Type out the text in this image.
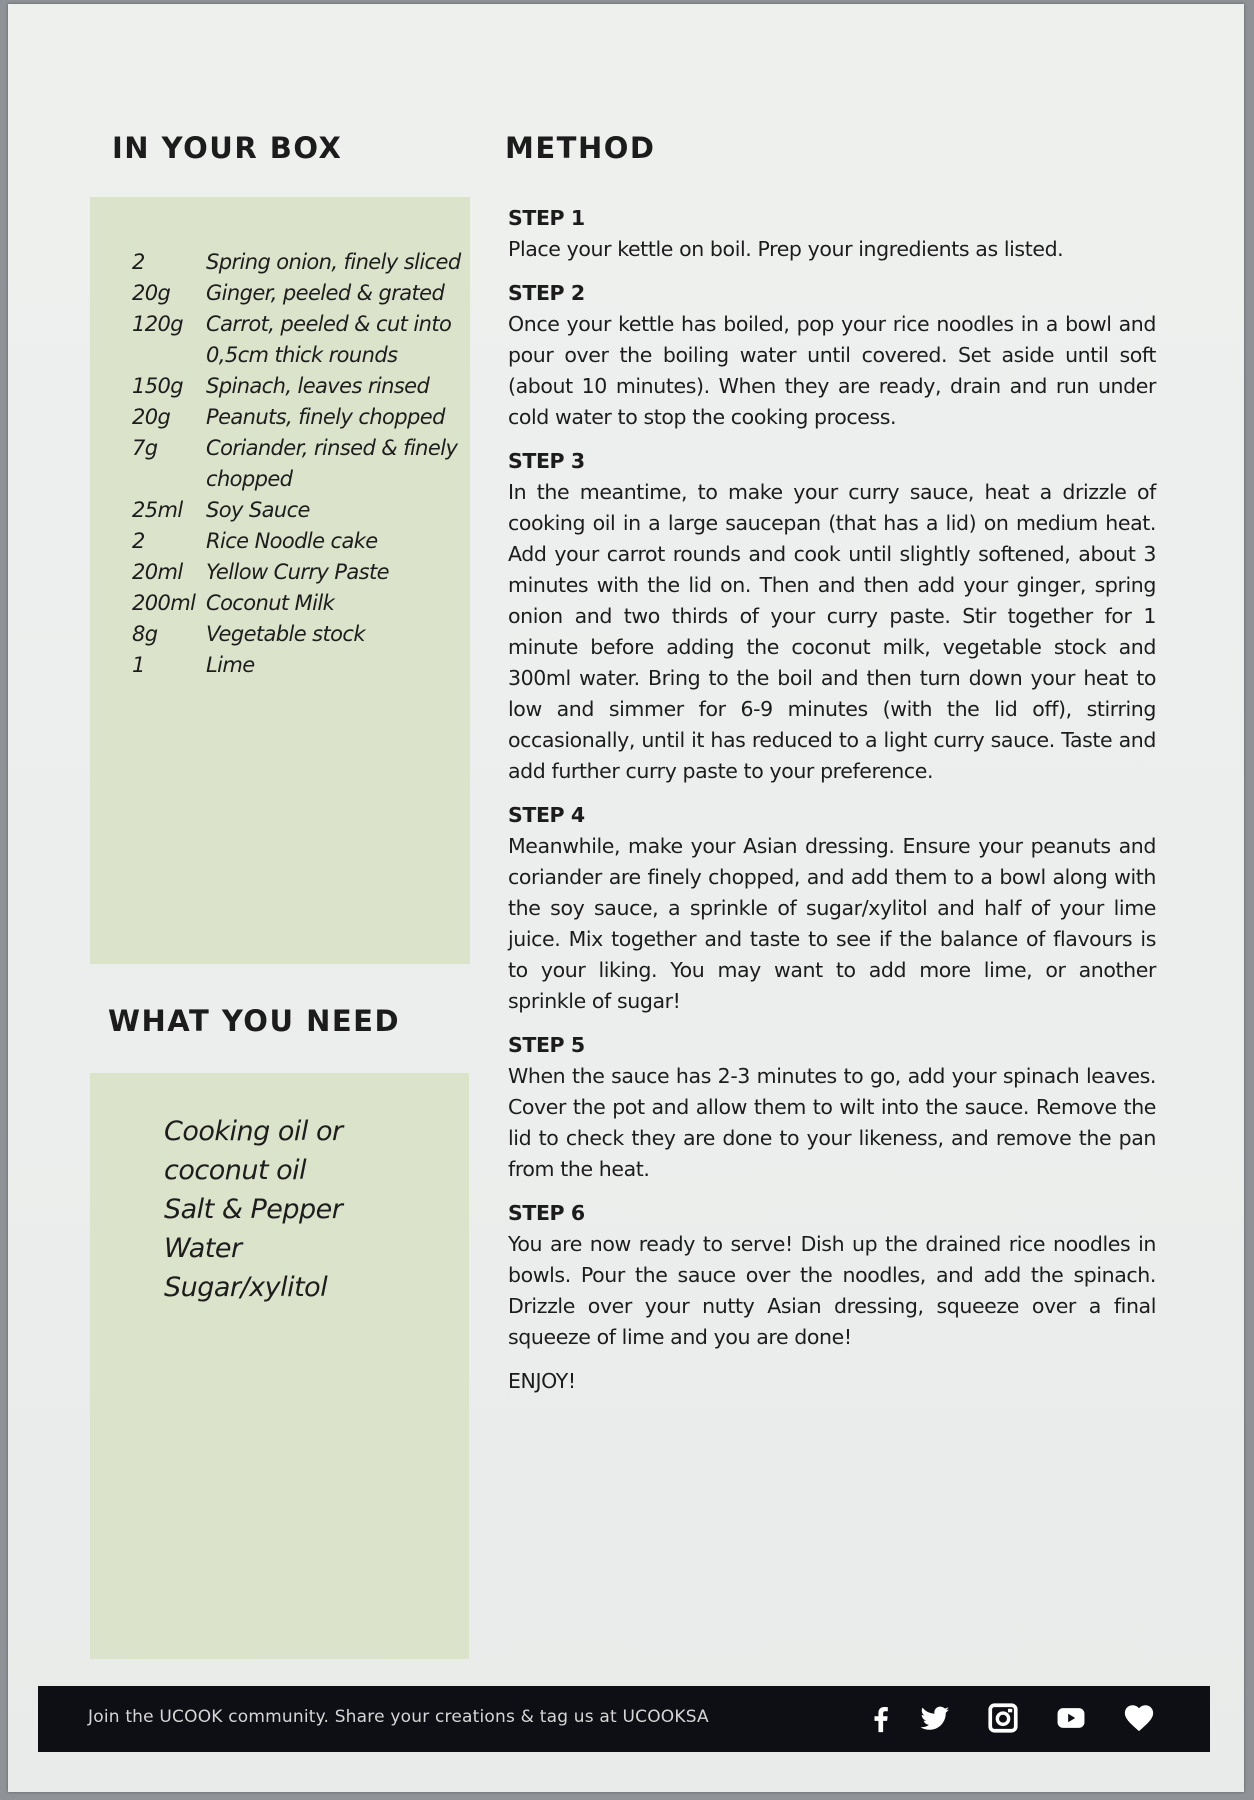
IN YOUR BOX
2	Spring onion, finely sliced
20g	Ginger, peeled & grated
120g	Carrot, peeled & cut into 0,5cm thick rounds
150g	Spinach, leaves rinsed
20g	Peanuts, finely chopped
7g	Coriander, rinsed & finely chopped
25ml	Soy Sauce
2	Rice Noodle cake
20ml	Yellow Curry Paste
200ml	Coconut Milk
8g	Vegetable stock
1	Lime
WHAT YOU NEED
Cooking oil or coconut oil
Salt & Pepper
Water
Sugar/xylitol
METHOD
STEP 1
Place your kettle on boil. Prep your ingredients as listed.
STEP 2
Once your kettle has boiled, pop your rice noodles in a bowl and pour over the boiling water until covered. Set aside until soft (about 10 minutes). When they are ready, drain and run under cold water to stop the cooking process.
STEP 3
In the meantime, to make your curry sauce, heat a drizzle of cooking oil in a large saucepan (that has a lid) on medium heat. Add your carrot rounds and cook until slightly softened, about 3 minutes with the lid on. Then and then add your ginger, spring onion and two thirds of your curry paste. Stir together for 1 minute before adding the coconut milk, vegetable stock and 300ml water. Bring to the boil and then turn down your heat to low and simmer for 6-9 minutes (with the lid off), stirring occasionally, until it has reduced to a light curry sauce. Taste and add further curry paste to your preference.
STEP 4
Meanwhile, make your Asian dressing. Ensure your peanuts and coriander are finely chopped, and add them to a bowl along with the soy sauce, a sprinkle of sugar/xylitol and half of your lime juice. Mix together and taste to see if the balance of flavours is to your liking. You may want to add more lime, or another sprinkle of sugar!
STEP 5
When the sauce has 2-3 minutes to go, add your spinach leaves. Cover the pot and allow them to wilt into the sauce. Remove the lid to check they are done to your likeness, and remove the pan from the heat.
STEP 6
You are now ready to serve! Dish up the drained rice noodles in bowls. Pour the sauce over the noodles, and add the spinach. Drizzle over your nutty Asian dressing, squeeze over a final squeeze of lime and you are done!
ENJOY!
Join the UCOOK community. Share your creations & tag us at UCOOKSA
